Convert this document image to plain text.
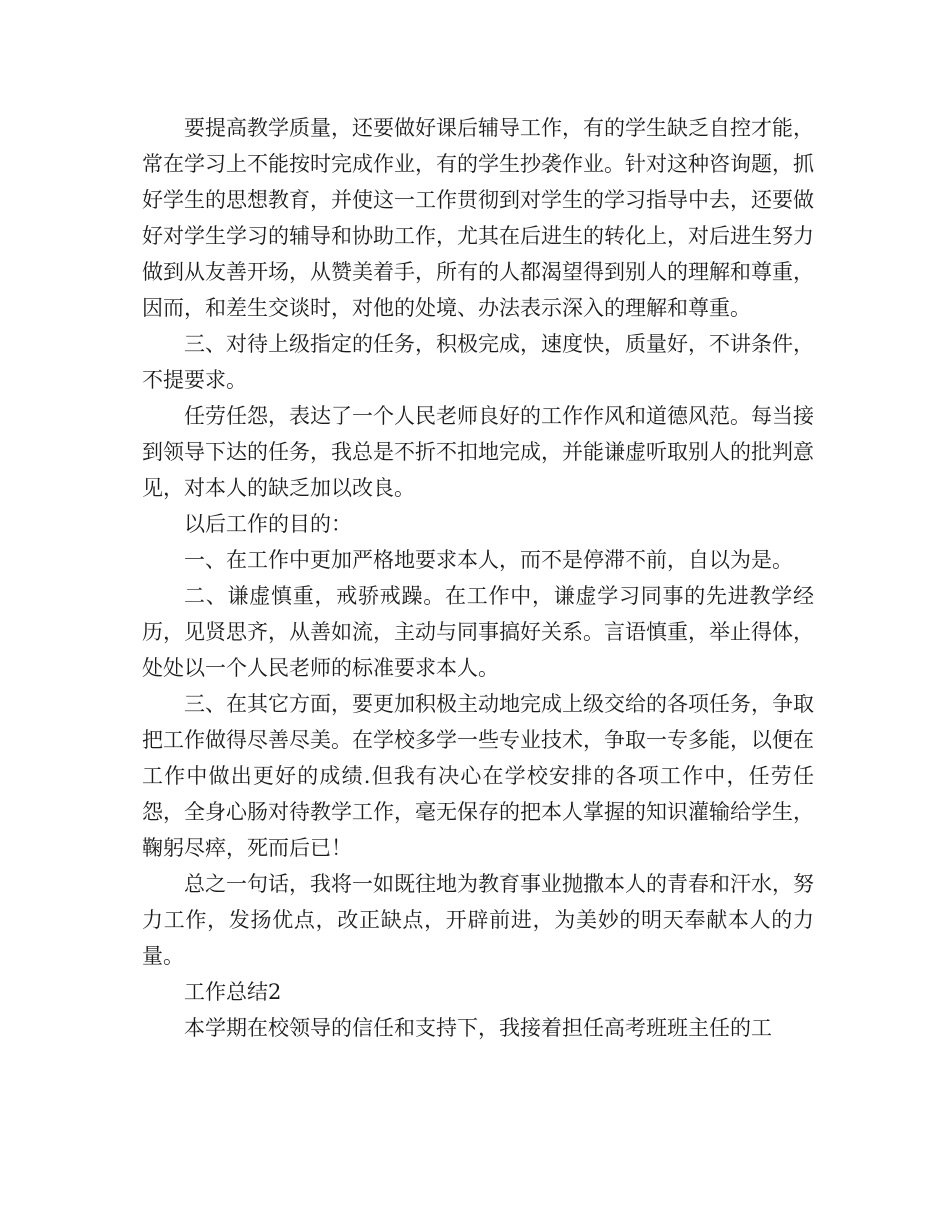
要提高教学质量，还要做好课后辅导工作，有的学生缺乏自控才能，常在学习上不能按时完成作业，有的学生抄袭作业。针对这种咨询题，抓好学生的思想教育，并使这一工作贯彻到对学生的学习指导中去，还要做好对学生学习的辅导和协助工作，尤其在后进生的转化上，对后进生努力做到从友善开场，从赞美着手，所有的人都渴望得到别人的理解和尊重，因而，和差生交谈时，对他的处境、办法表示深入的理解和尊重。

三、对待上级指定的任务，积极完成，速度快，质量好，不讲条件，不提要求。

任劳任怨，表达了一个人民老师良好的工作作风和道德风范。每当接到领导下达的任务，我总是不折不扣地完成，并能谦虚听取别人的批判意见，对本人的缺乏加以改良。

以后工作的目的：

一、在工作中更加严格地要求本人，而不是停滞不前，自以为是。

二、谦虚慎重，戒骄戒躁。在工作中，谦虚学习同事的先进教学经历，见贤思齐，从善如流，主动与同事搞好关系。言语慎重，举止得体，处处以一个人民老师的标准要求本人。

三、在其它方面，要更加积极主动地完成上级交给的各项任务，争取把工作做得尽善尽美。在学校多学一些专业技术，争取一专多能，以便在工作中做出更好的成绩.但我有决心在学校安排的各项工作中，任劳任怨，全身心肠对待教学工作，毫无保存的把本人掌握的知识灌输给学生，鞠躬尽瘁，死而后已！

总之一句话，我将一如既往地为教育事业抛撒本人的青春和汗水，努力工作，发扬优点，改正缺点，开辟前进，为美妙的明天奉献本人的力量。

工作总结2

本学期在校领导的信任和支持下，我接着担任高考班班主任的工
